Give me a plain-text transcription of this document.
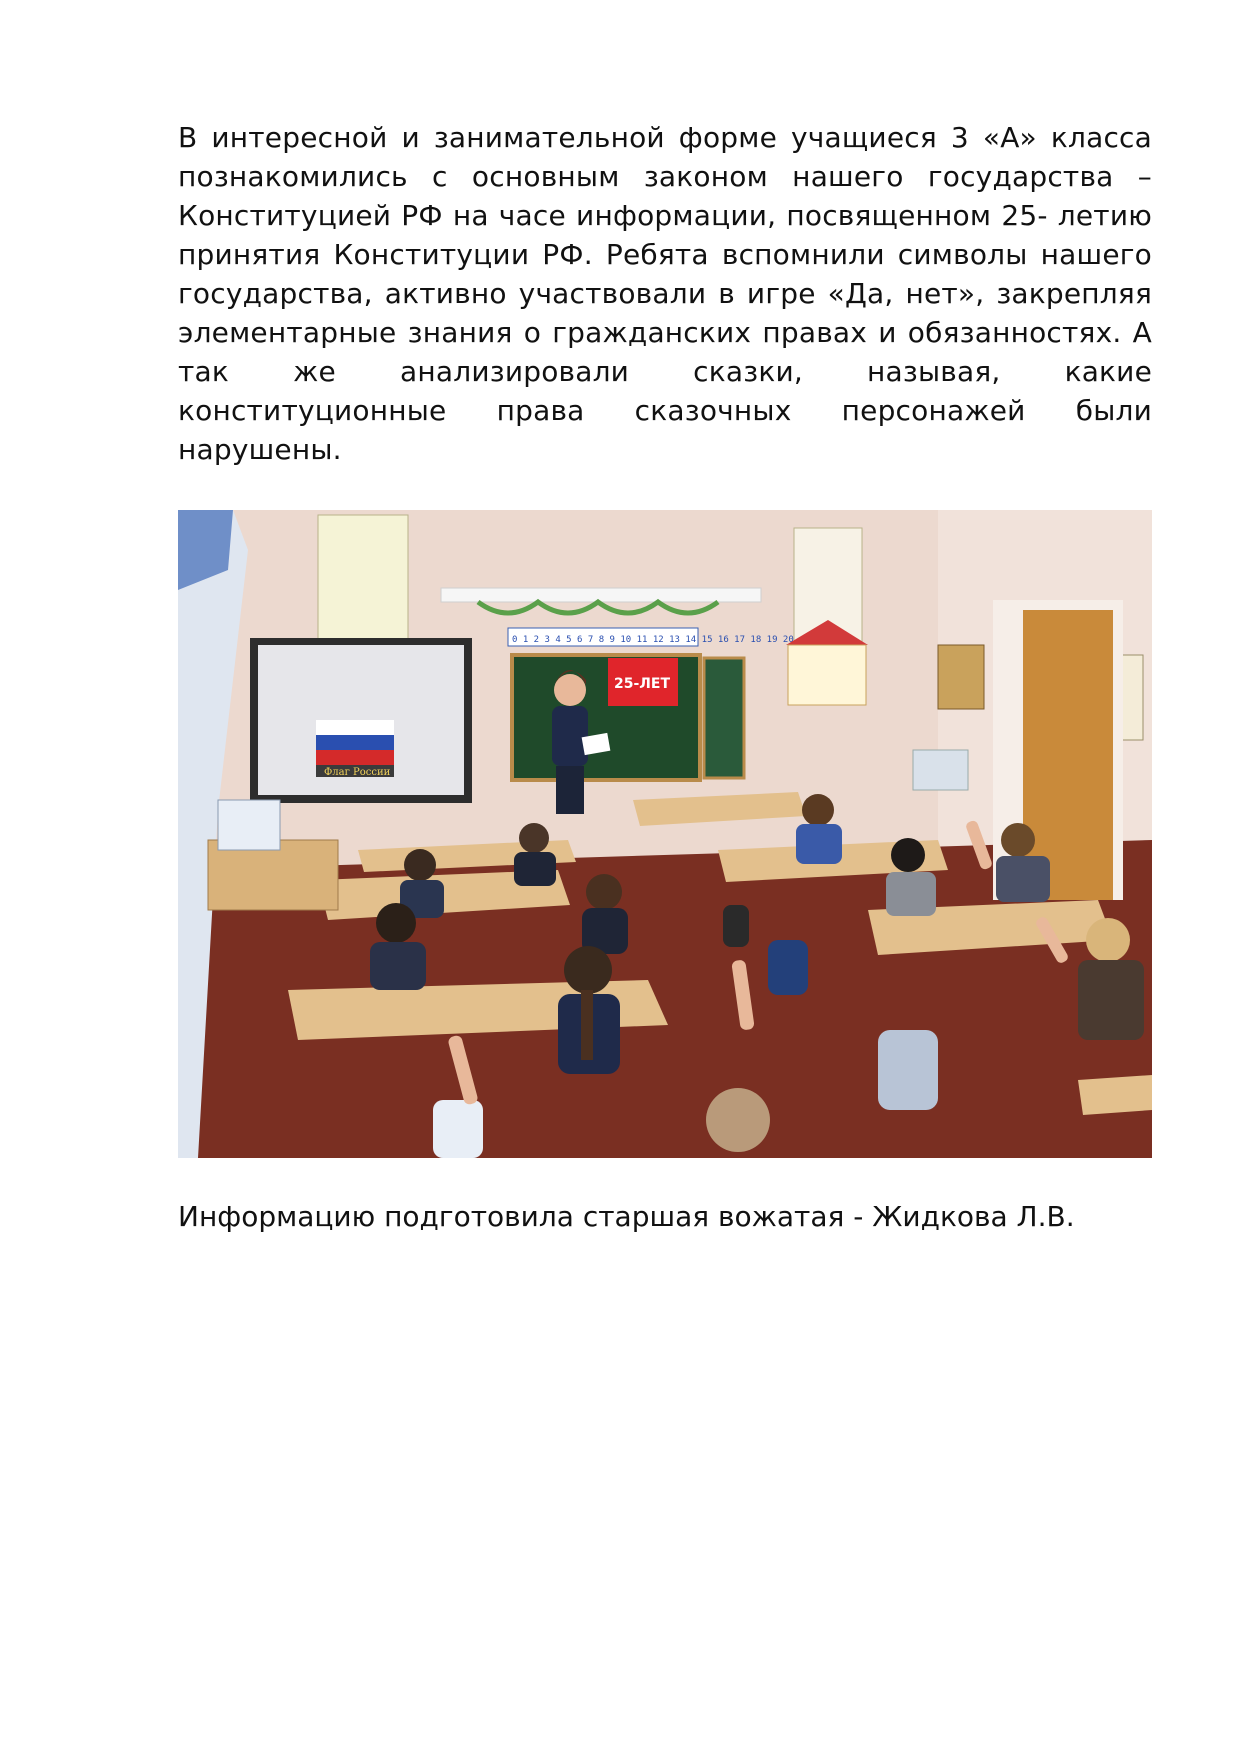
В интересной и занимательной форме учащиеся 3 «А» класса познакомились с основным законом нашего государства – Конституцией РФ на часе информации, посвященном 25- летию принятия Конституции РФ. Ребята вспомнили символы нашего государства, активно участвовали в игре «Да, нет», закрепляя элементарные знания о гражданских правах и обязанностях. А так же анализировали сказки, называя, какие конституционные права сказочных персонажей были нарушены.

0 1 2 3 4 5 6 7 8 9 10 11 12 13 14 15 16 17 18 19 20
Флаг России
25-ЛЕТ

Информацию подготовила старшая вожатая - Жидкова Л.В.
